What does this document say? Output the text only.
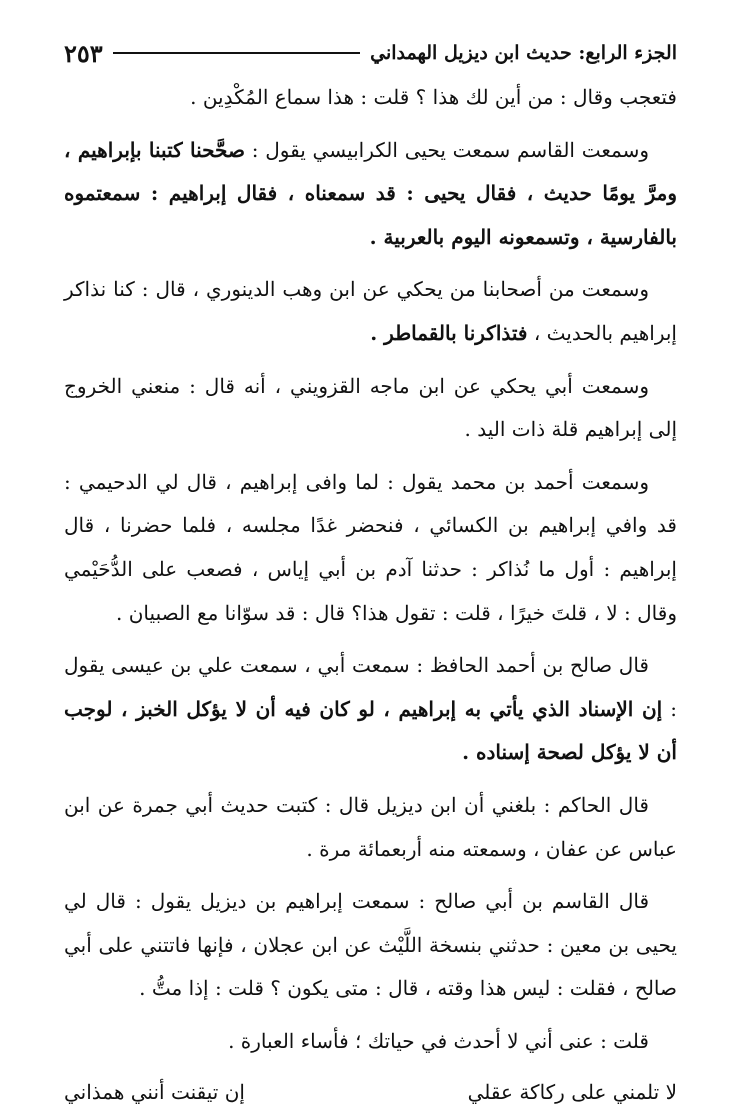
الجزء الرابع: حديث ابن ديزيل الهمداني
٢٥٣

فتعجب وقال : من أين لك هذا ؟ قلت : هذا سماع المُكْدِين .

وسمعت القاسم سمعت يحيى الكرابيسي يقول : صحَّحنا كتبنا بإبراهيم ، ومرَّ يومًا حديث ، فقال يحيى : قد سمعناه ، فقال إبراهيم : سمعتموه بالفارسية ، وتسمعونه اليوم بالعربية .

وسمعت من أصحابنا من يحكي عن ابن وهب الدينوري ، قال : كنا نذاكر إبراهيم بالحديث ، فتذاكرنا بالقماطر .

وسمعت أبي يحكي عن ابن ماجه القزويني ، أنه قال : منعني الخروج إلى إبراهيم قلة ذات اليد .

وسمعت أحمد بن محمد يقول : لما وافى إبراهيم ، قال لي الدحيمي : قد وافي إبراهيم بن الكسائي ، فنحضر غدًا مجلسه ، فلما حضرنا ، قال إبراهيم : أول ما نُذاكر : حدثنا آدم بن أبي إياس ، فصعب على الدُّحَيْمي وقال : لا ، قلتَ خيرًا ، قلت : تقول هذا؟ قال : قد سوّانا مع الصبيان .

قال صالح بن أحمد الحافظ : سمعت أبي ، سمعت علي بن عيسى يقول : إن الإسناد الذي يأتي به إبراهيم ، لو كان فيه أن لا يؤكل الخبز ، لوجب أن لا يؤكل لصحة إسناده .

قال الحاكم : بلغني أن ابن ديزيل قال : كتبت حديث أبي جمرة عن ابن عباس عن عفان ، وسمعته منه أربعمائة مرة .

قال القاسم بن أبي صالح : سمعت إبراهيم بن ديزيل يقول : قال لي يحيى بن معين : حدثني بنسخة اللَّيْث عن ابن عجلان ، فإنها فاتتني على أبي صالح ، فقلت : ليس هذا وقته ، قال : متى يكون ؟ قلت : إذا متُّ .

قلت : عنى أني لا أحدث في حياتك ؛ فأساء العبارة .

لا تلمني على ركاكة عقلي
إن تيقنت أنني همذاني
